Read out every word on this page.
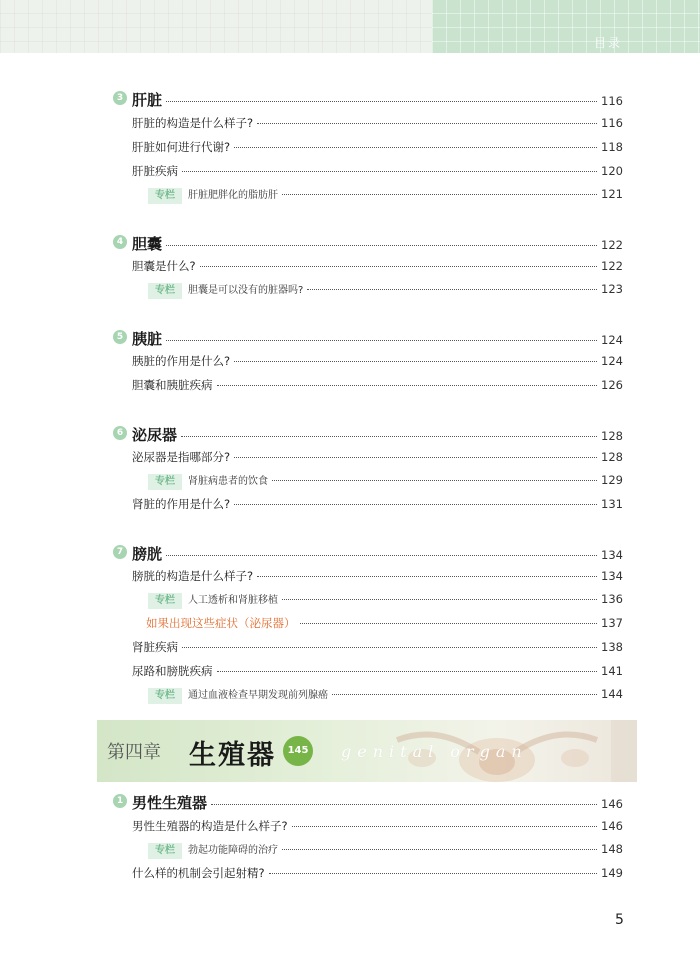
目录
3 肝脏	116
肝脏的构造是什么样子?	116
肝脏如何进行代谢?	118
肝脏疾病	120
专栏	肝脏肥胖化的脂肪肝	121
4 胆囊	122
胆囊是什么?	122
专栏	胆囊是可以没有的脏器吗?	123
5 胰脏	124
胰脏的作用是什么?	124
胆囊和胰脏疾病	126
6 泌尿器	128
泌尿器是指哪部分?	128
专栏	肾脏病患者的饮食	129
肾脏的作用是什么?	131
7 膀胱	134
膀胱的构造是什么样子?	134
专栏	人工透析和肾脏移植	136
如果出现这些症状（泌尿器）	137
肾脏疾病	138
尿路和膀胱疾病	141
专栏	通过血液检查早期发现前列腺癌	144
第四章 生殖器	145 genital organ
1 男性生殖器	146
男性生殖器的构造是什么样子?	146
专栏	勃起功能障碍的治疗	148
什么样的机制会引起射精?	149
5
